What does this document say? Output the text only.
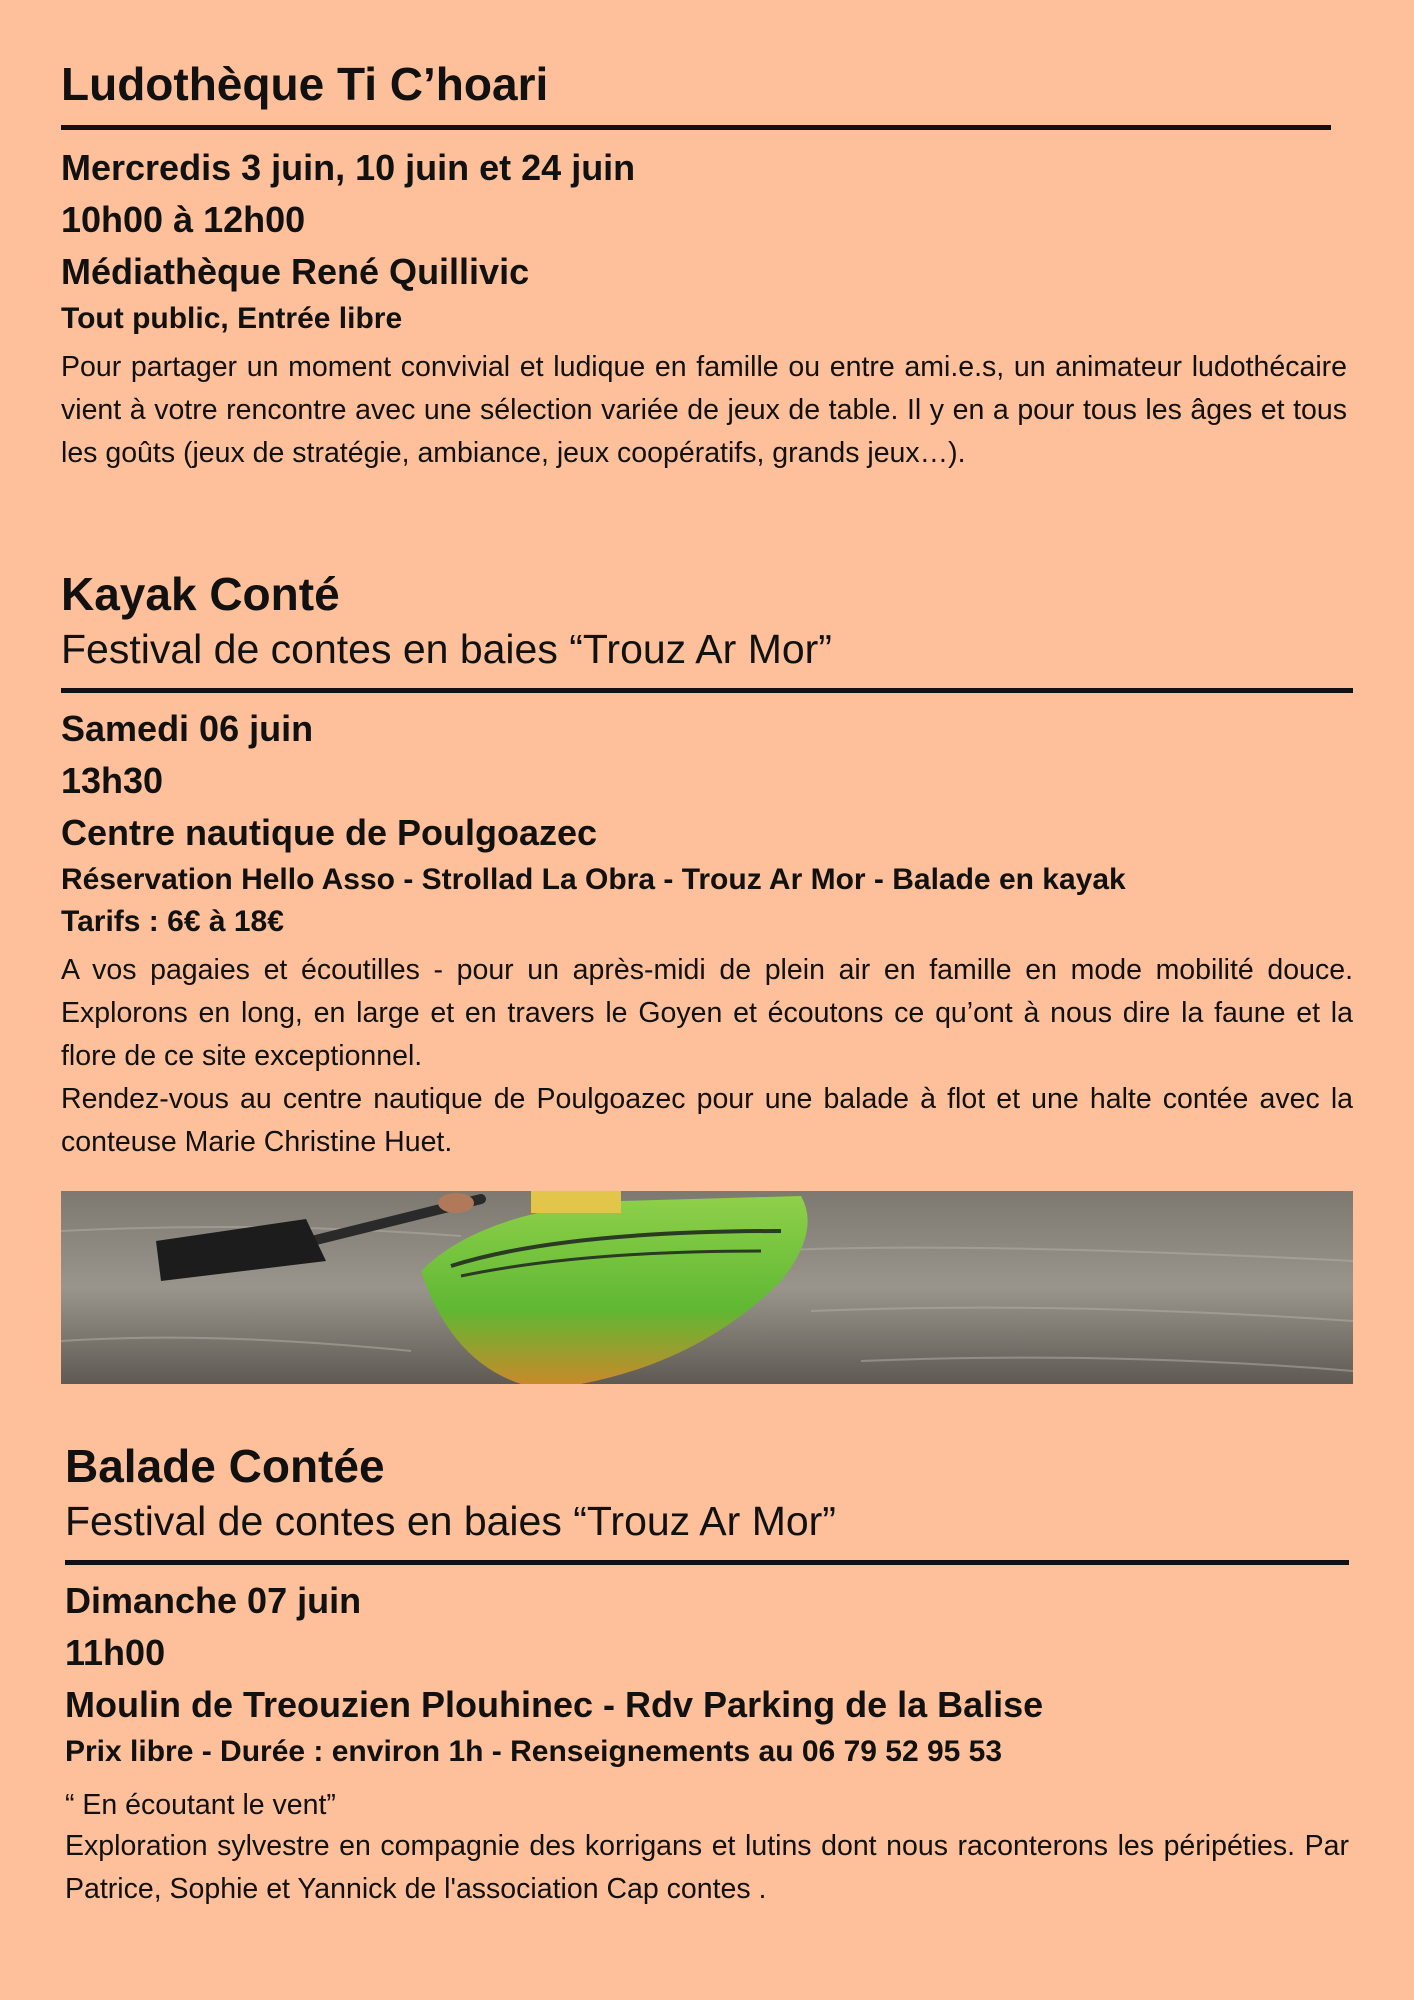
Ludothèque Ti C’hoari

Mercredis 3 juin, 10 juin et 24 juin

10h00 à 12h00

Médiathèque René Quillivic

Tout public, Entrée libre

Pour partager un moment convivial et ludique en famille ou entre ami.e.s, un animateur ludothécaire vient à votre rencontre avec une sélection variée de jeux de table. Il y en a pour tous les âges et tous les goûts (jeux de stratégie, ambiance, jeux coopératifs, grands jeux…).

Kayak Conté

Festival de contes en baies “Trouz Ar Mor”

Samedi 06 juin

13h30

Centre nautique de Poulgoazec

Réservation Hello Asso - Strollad La Obra - Trouz Ar Mor - Balade en kayak

Tarifs : 6€ à 18€

A vos pagaies et écoutilles - pour un après-midi de plein air en famille en mode mobilité douce. Explorons en long, en large et en travers le Goyen et écoutons ce qu’ont à nous dire la faune et la flore de ce site exceptionnel.

Rendez-vous au centre nautique de Poulgoazec pour une balade à flot et une halte contée avec la conteuse Marie Christine Huet.

Balade Contée

Festival de contes en baies “Trouz Ar Mor”

Dimanche 07 juin

11h00

Moulin de Treouzien Plouhinec - Rdv Parking de la Balise

Prix libre - Durée : environ 1h - Renseignements au 06 79 52 95 53

“ En écoutant le vent”

Exploration sylvestre en compagnie des korrigans et lutins dont nous raconterons les péripéties. Par Patrice, Sophie et Yannick de l'association Cap contes .
